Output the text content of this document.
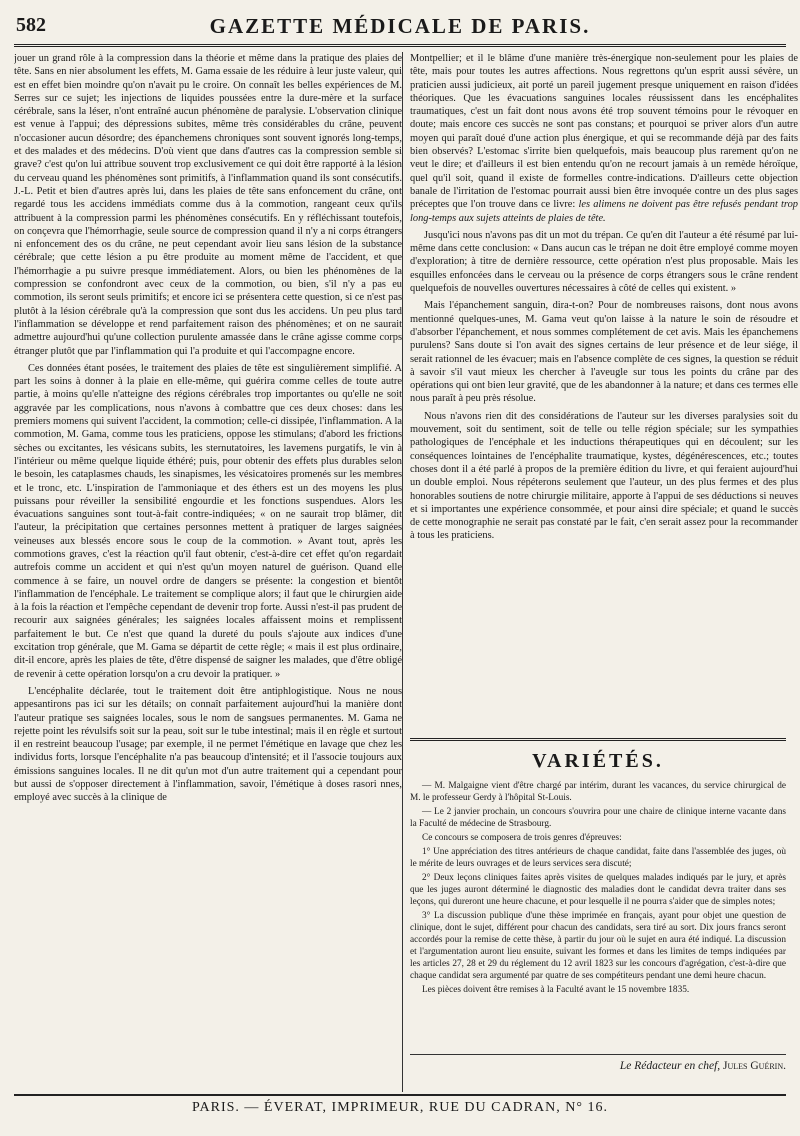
582	GAZETTE MÉDICALE DE PARIS.

jouer un grand rôle à la compression dans la théorie et même dans la pratique des plaies de tête. Sans en nier absolument les effets, M. Gama essaie de les réduire à leur juste valeur, qui est en effet bien moindre qu'on n'avait pu le croire. On connaît les belles expériences de M. Serres sur ce sujet; les injections de liquides poussées entre la dure-mère et la surface cérébrale, sans la léser, n'ont entraîné aucun phénomène de paralysie. L'observation clinique est venue à l'appui; des dépressions subites, même très considérables du crâne, peuvent n'occasioner aucun désordre; des épanchemens chroniques sont souvent ignorés long-temps, et des malades et des médecins. D'où vient que dans d'autres cas la compression semble si grave? c'est qu'on lui attribue souvent trop exclusivement ce qui doit être rapporté à la lésion du cerveau quand les phénomènes sont primitifs, à l'inflammation quand ils sont consécutifs. J.-L. Petit et bien d'autres après lui, dans les plaies de tête sans enfoncement du crâne, ont regardé tous les accidens immédiats comme dus à la commotion, rangeant ceux qu'ils attribuent à la compression parmi les phénomènes consécutifs. En y réfléchissant toutefois, on conçevra que l'hémorrhagie, seule source de compression quand il n'y a ni corps étrangers ni enfoncement des os du crâne, ne peut cependant avoir lieu sans lésion de la substance cérébrale; que cette lésion a pu être produite au moment même de l'accident, et que l'hémorrhagie a pu suivre presque immédiatement. Alors, ou bien les phénomènes de la compression se confondront avec ceux de la commotion, ou bien, s'il n'y a pas eu commotion, ils seront seuls primitifs; et encore ici se présentera cette question, si ce n'est pas plutôt à la lésion cérébrale qu'à la compression que sont dus les accidens. Un peu plus tard l'inflammation se développe et rend parfaitement raison des phénomènes; et on ne saurait admettre aujourd'hui qu'une collection purulente amassée dans le crâne agisse comme corps étranger plutôt que par l'inflammation qui l'a produite et qui l'accompagne encore.

Ces données étant posées, le traitement des plaies de tête est singulièrement simplifié. A part les soins à donner à la plaie en elle-même, qui guérira comme celles de toute autre partie, à moins qu'elle n'atteigne des régions cérébrales trop importantes ou qu'elle ne soit aggravée par les complications, nous n'avons à combattre que ces deux choses: dans les premiers momens qui suivent l'accident, la commotion; celle-ci dissipée, l'inflammation. A la commotion, M. Gama, comme tous les praticiens, oppose les stimulans; d'abord les frictions sèches ou excitantes, les vésicans subits, les sternutatoires, les lavemens purgatifs, le vin à l'intérieur ou même quelque liquide éthéré; puis, pour obtenir des effets plus durables selon le besoin, les cataplasmes chauds, les sinapismes, les vésicatoires promenés sur les membres et le tronc, etc. L'inspiration de l'ammoniaque et des éthers est un des moyens les plus puissans pour réveiller la sensibilité engourdie et les fonctions suspendues. Alors les évacuations sanguines sont tout-à-fait contre-indiquées; « on ne saurait trop blâmer, dit l'auteur, la précipitation que certaines personnes mettent à pratiquer de larges saignées veineuses aux blessés encore sous le coup de la commotion. » Avant tout, après les commotions graves, c'est la réaction qu'il faut obtenir, c'est-à-dire cet effet qu'on regardait autrefois comme un accident et qui n'est qu'un moyen naturel de guérison. Quand elle commence à se faire, un nouvel ordre de dangers se présente: la congestion et bientôt l'inflammation de l'encéphale. Le traitement se complique alors; il faut que le chirurgien aide à la fois la réaction et l'empêche cependant de devenir trop forte. Aussi n'est-il pas prudent de recourir aux saignées générales; les saignées locales affaissent moins et remplissent parfaitement le but. Ce n'est que quand la dureté du pouls s'ajoute aux indices d'une excitation trop générale, que M. Gama se départit de cette règle; « mais il est plus ordinaire, dit-il encore, après les plaies de tête, d'être dispensé de saigner les malades, que d'être obligé de revenir à cette opération lorsqu'on a cru devoir la pratiquer. »

L'encéphalite déclarée, tout le traitement doit être antiphlogistique. Nous ne nous appesantirons pas ici sur les détails; on connaît parfaitement aujourd'hui la manière dont l'auteur pratique ses saignées locales, sous le nom de sangsues permanentes. M. Gama ne rejette point les révulsifs soit sur la peau, soit sur le tube intestinal; mais il en règle et surtout il en restreint beaucoup l'usage; par exemple, il ne permet l'émétique en lavage que chez les individus forts, lorsque l'encéphalite n'a pas beaucoup d'intensité; et il l'associe toujours aux émissions sanguines locales. Il ne dit qu'un mot d'un autre traitement qui a cependant pour but aussi de s'opposer directement à l'inflammation, savoir, l'émétique à doses rasori nnes, employé avec succès à la clinique de

Montpellier; et il le blâme d'une manière très-énergique non-seulement pour les plaies de tête, mais pour toutes les autres affections. Nous regrettons qu'un esprit aussi sévère, un praticien aussi judicieux, ait porté un pareil jugement presque uniquement en raison d'idées théoriques. Que les évacuations sanguines locales réussissent dans les encéphalites traumatiques, c'est un fait dont nous avons été trop souvent témoins pour le révoquer en doute; mais encore ces succès ne sont pas constans; et pourquoi se priver alors d'un autre moyen qui paraît doué d'une action plus énergique, et qui se recommande déjà par des faits bien observés? L'estomac s'irrite bien quelquefois, mais beaucoup plus rarement qu'on ne veut le dire; et d'ailleurs il est bien entendu qu'on ne recourt jamais à un remède héroïque, quel qu'il soit, quand il existe de formelles contre-indications. D'ailleurs cette objection banale de l'irritation de l'estomac pourrait aussi bien être invoquée contre un des plus sages préceptes que l'on trouve dans ce livre: les alimens ne doivent pas être refusés pendant trop long-temps aux sujets atteints de plaies de tête.

Jusqu'ici nous n'avons pas dit un mot du trépan. Ce qu'en dit l'auteur a été résumé par lui-même dans cette conclusion: « Dans aucun cas le trépan ne doit être employé comme moyen d'exploration; à titre de dernière ressource, cette opération n'est plus proposable. Mais les esquilles enfoncées dans le cerveau ou la présence de corps étrangers sous le crâne rendent quelquefois de nouvelles ouvertures nécessaires à côté de celles qui existent. »

Mais l'épanchement sanguin, dira-t-on? Pour de nombreuses raisons, dont nous avons mentionné quelques-unes, M. Gama veut qu'on laisse à la nature le soin de résoudre et d'absorber l'épanchement, et nous sommes complétement de cet avis. Mais les épanchemens purulens? Sans doute si l'on avait des signes certains de leur présence et de leur siége, il serait rationnel de les évacuer; mais en l'absence complète de ces signes, la question se réduit à savoir s'il vaut mieux les chercher à l'aveugle sur tous les points du crâne par des opérations qui ont bien leur gravité, que de les abandonner à la nature; et dans ces termes elle nous paraît à peu près résolue.

Nous n'avons rien dit des considérations de l'auteur sur les diverses paralysies soit du mouvement, soit du sentiment, soit de telle ou telle région spéciale; sur les sympathies pathologiques de l'encéphale et les inductions thérapeutiques qui en découlent; sur les conséquences lointaines de l'encéphalite traumatique, kystes, dégénérescences, etc.; toutes choses dont il a été parlé à propos de la première édition du livre, et qui feraient aujourd'hui un double emploi. Nous répéterons seulement que l'auteur, un des plus fermes et des plus honorables soutiens de notre chirurgie militaire, apporte à l'appui de ses déductions si neuves et si importantes une expérience consommée, et pour ainsi dire spéciale; et quand le succès de cette monographie ne serait pas constaté par le fait, c'en serait assez pour la recommander à tous les praticiens.

VARIÉTÉS.

— M. Malgaigne vient d'être chargé par intérim, durant les vacances, du service chirurgical de M. le professeur Gerdy à l'hôpital St-Louis.

— Le 2 janvier prochain, un concours s'ouvrira pour une chaire de clinique interne vacante dans la Faculté de médecine de Strasbourg.

Ce concours se composera de trois genres d'épreuves:

1° Une appréciation des titres antérieurs de chaque candidat, faite dans l'assemblée des juges, où le mérite de leurs ouvrages et de leurs services sera discuté;

2° Deux leçons cliniques faites après visites de quelques malades indiqués par le jury, et après que les juges auront déterminé le diagnostic des maladies dont le candidat devra traiter dans ses leçons, qui dureront une heure chacune, et pour lesquelle il ne pourra s'aider que de simples notes;

3° La discussion publique d'une thèse imprimée en français, ayant pour objet une question de clinique, dont le sujet, différent pour chacun des candidats, sera tiré au sort. Dix jours francs seront accordés pour la remise de cette thèse, à partir du jour où le sujet en aura été indiqué. La discussion et l'argumentation auront lieu ensuite, suivant les formes et dans les limites de temps indiquées par les articles 27, 28 et 29 du réglement du 12 avril 1823 sur les concours d'agrégation, c'est-à-dire que chaque candidat sera argumenté par quatre de ses compétiteurs pendant une demi heure chacun.

Les pièces doivent être remises à la Faculté avant le 15 novembre 1835.

Le Rédacteur en chef, Jules Guérin.
PARIS. — ÉVERAT, IMPRIMEUR, RUE DU CADRAN, N° 16.
